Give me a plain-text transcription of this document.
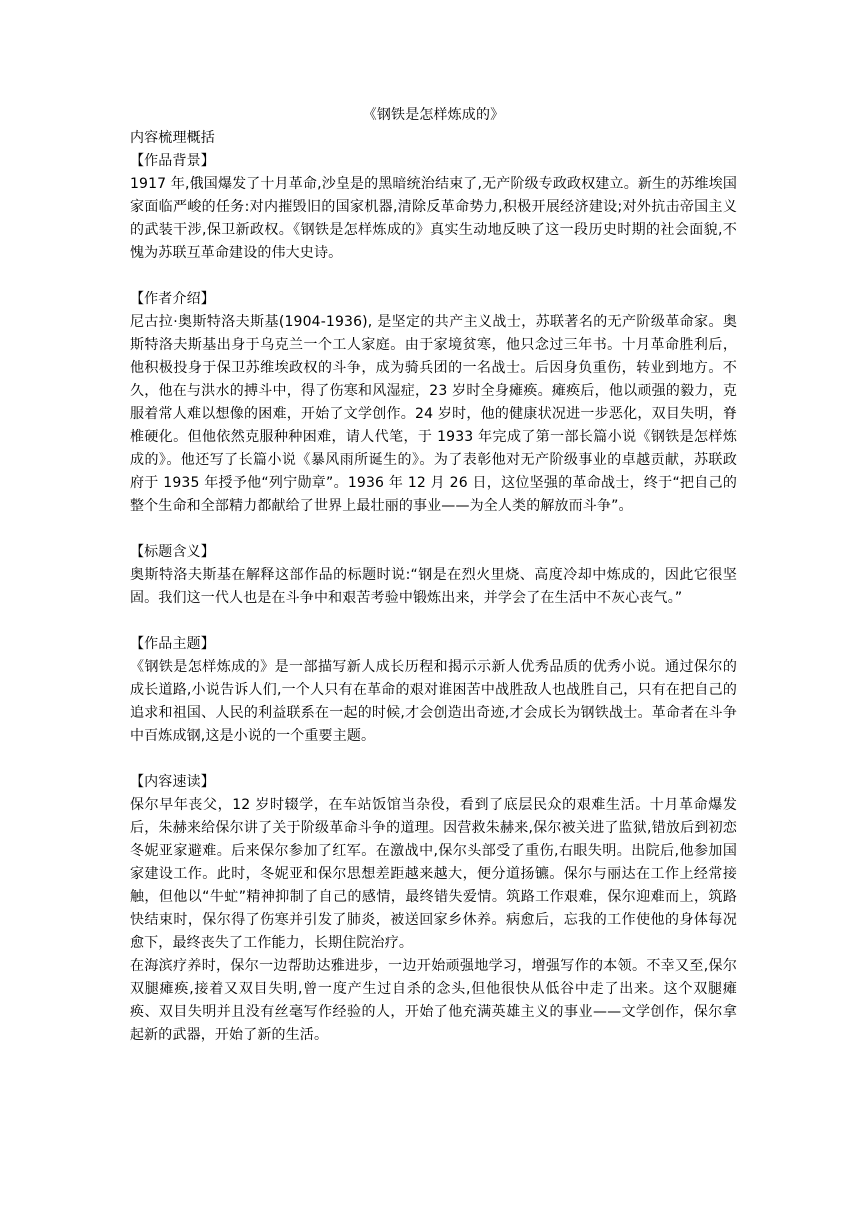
《钢铁是怎样炼成的》

内容梳理概括

【作品背景】

1917 年,俄国爆发了十月革命,沙皇是的黑暗统治结束了,无产阶级专政政权建立。新生的苏维埃国家面临严峻的任务:对内摧毁旧的国家机器,清除反革命势力,积极开展经济建设;对外抗击帝国主义的武装干涉,保卫新政权。《钢铁是怎样炼成的》真实生动地反映了这一段历史时期的社会面貌,不愧为苏联互革命建设的伟大史诗。

【作者介绍】

尼古拉·奥斯特洛夫斯基(1904-1936), 是坚定的共产主义战士，苏联著名的无产阶级革命家。奥斯特洛夫斯基出身于乌克兰一个工人家庭。由于家境贫寒，他只念过三年书。十月革命胜利后，他积极投身于保卫苏维埃政权的斗争，成为骑兵团的一名战士。后因身负重伤，转业到地方。不久，他在与洪水的搏斗中，得了伤寒和风湿症，23 岁时全身瘫痪。瘫痪后，他以顽强的毅力，克服着常人难以想像的困难，开始了文学创作。24 岁时，他的健康状况进一步恶化，双目失明，脊椎硬化。但他依然克服种种困难，请人代笔，于 1933 年完成了第一部长篇小说《钢铁是怎样炼成的》。他还写了长篇小说《暴风雨所诞生的》。为了表彰他对无产阶级事业的卓越贡献，苏联政府于 1935 年授予他“列宁勋章”。1936 年 12 月 26 日，这位坚强的革命战士，终于“把自己的整个生命和全部精力都献给了世界上最壮丽的事业——为全人类的解放而斗争”。

【标题含义】

奥斯特洛夫斯基在解释这部作品的标题时说:“钢是在烈火里烧、高度冷却中炼成的，因此它很坚固。我们这一代人也是在斗争中和艰苦考验中锻炼出来，并学会了在生活中不灰心丧气。”

【作品主题】

《钢铁是怎样炼成的》是一部描写新人成长历程和揭示示新人优秀品质的优秀小说。通过保尔的成长道路,小说告诉人们,一个人只有在革命的艰对谁困苦中战胜敌人也战胜自己，只有在把自己的追求和祖国、人民的利益联系在一起的时候,才会创造出奇迹,才会成长为钢铁战士。革命者在斗争中百炼成钢,这是小说的一个重要主题。

【内容速读】

保尔早年丧父，12 岁时辍学，在车站饭馆当杂役，看到了底层民众的艰难生活。十月革命爆发后，朱赫来给保尔讲了关于阶级革命斗争的道理。因营救朱赫来,保尔被关进了监狱,错放后到初恋冬妮亚家避难。后来保尔参加了红军。在激战中,保尔头部受了重伤,右眼失明。出院后,他参加国家建设工作。此时，冬妮亚和保尔思想差距越来越大，便分道扬镳。保尔与丽达在工作上经常接触，但他以“牛虻”精神抑制了自己的感情，最终错失爱情。筑路工作艰难，保尔迎难而上，筑路快结束时，保尔得了伤寒并引发了肺炎，被送回家乡休养。病愈后，忘我的工作使他的身体每况愈下，最终丧失了工作能力，长期住院治疗。

在海滨疗养时，保尔一边帮助达雅进步，一边开始顽强地学习，增强写作的本领。不幸又至,保尔双腿瘫痪,接着又双目失明,曾一度产生过自杀的念头,但他很快从低谷中走了出来。这个双腿瘫痪、双目失明并且没有丝毫写作经验的人，开始了他充满英雄主义的事业——文学创作，保尔拿起新的武器，开始了新的生活。
